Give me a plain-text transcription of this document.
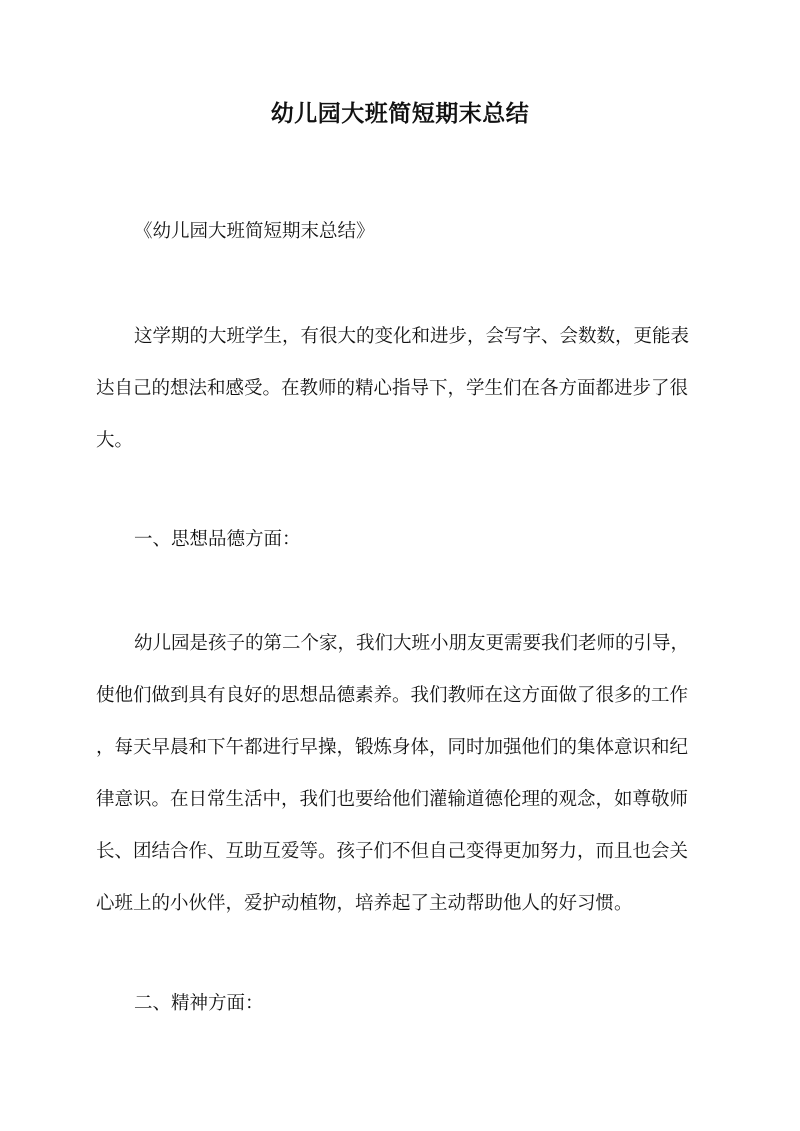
幼儿园大班简短期末总结

《幼儿园大班简短期末总结》

这学期的大班学生，有很大的变化和进步，会写字、会数数，更能表
达自己的想法和感受。在教师的精心指导下，学生们在各方面都进步了很
大。

一、思想品德方面：

幼儿园是孩子的第二个家，我们大班小朋友更需要我们老师的引导，
使他们做到具有良好的思想品德素养。我们教师在这方面做了很多的工作
，每天早晨和下午都进行早操，锻炼身体，同时加强他们的集体意识和纪
律意识。在日常生活中，我们也要给他们灌输道德伦理的观念，如尊敬师
长、团结合作、互助互爱等。孩子们不但自己变得更加努力，而且也会关
心班上的小伙伴，爱护动植物，培养起了主动帮助他人的好习惯。

二、精神方面：
